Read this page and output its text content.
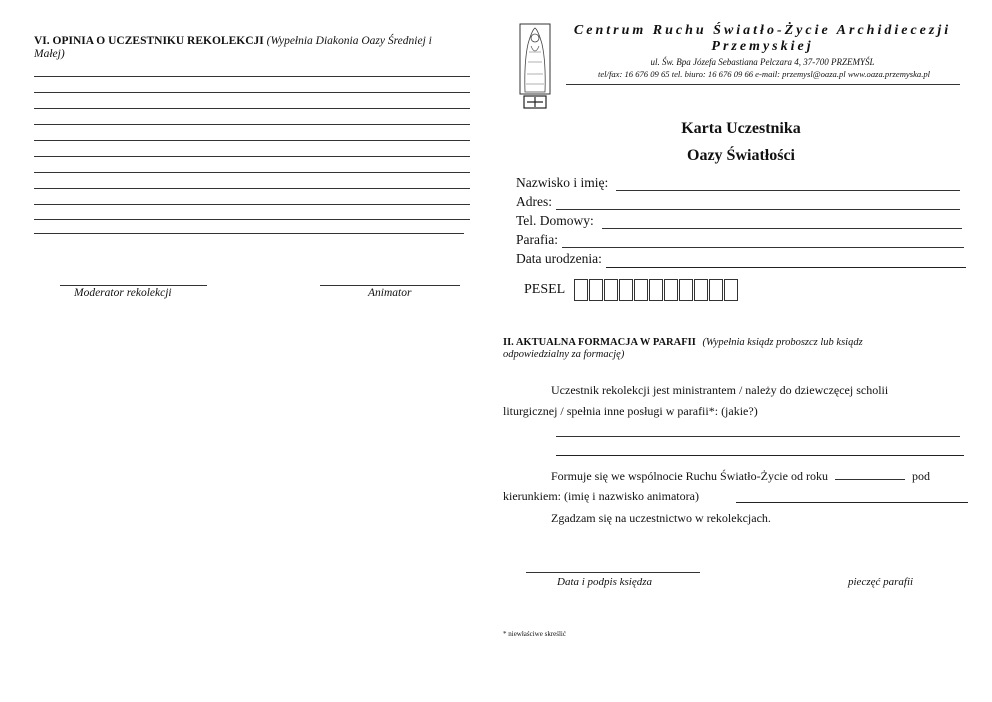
VI. OPINIA O UCZESTNIKU REKOLEKCJI (Wypełnia Diakonia Oazy Średniej i
Małej)
Moderator rekolekcji	Animator
Centrum Ruchu Światło-Życie Archidiecezji
Przemyskiej
ul. Św. Bpa Józefa Sebastiana Pelczara 4, 37-700 PRZEMYŚL
tel/fax: 16 676 09 65 tel. biuro: 16 676 09 66 e-mail: przemysl@oaza.pl www.oaza.przemyska.pl
Karta Uczestnika
Oazy Światłości
Nazwisko i imię:
Adres:
Tel. Domowy:
Parafia:
Data urodzenia:
PESEL
II. AKTUALNA FORMACJA W PARAFII (Wypełnia ksiądz proboszcz lub ksiądz
odpowiedzialny za formację)
Uczestnik rekolekcji jest ministrantem / należy do dziewczęcej scholii
liturgicznej / spełnia inne posługi w parafii*: (jakie?)
Formuje się we wspólnocie Ruchu Światło-Życie od roku	pod
kierunkiem: (imię i nazwisko animatora)
Zgadzam się na uczestnictwo w rekolekcjach.
Data i podpis księdza	pieczęć parafii
* niewłaściwe skreślić
